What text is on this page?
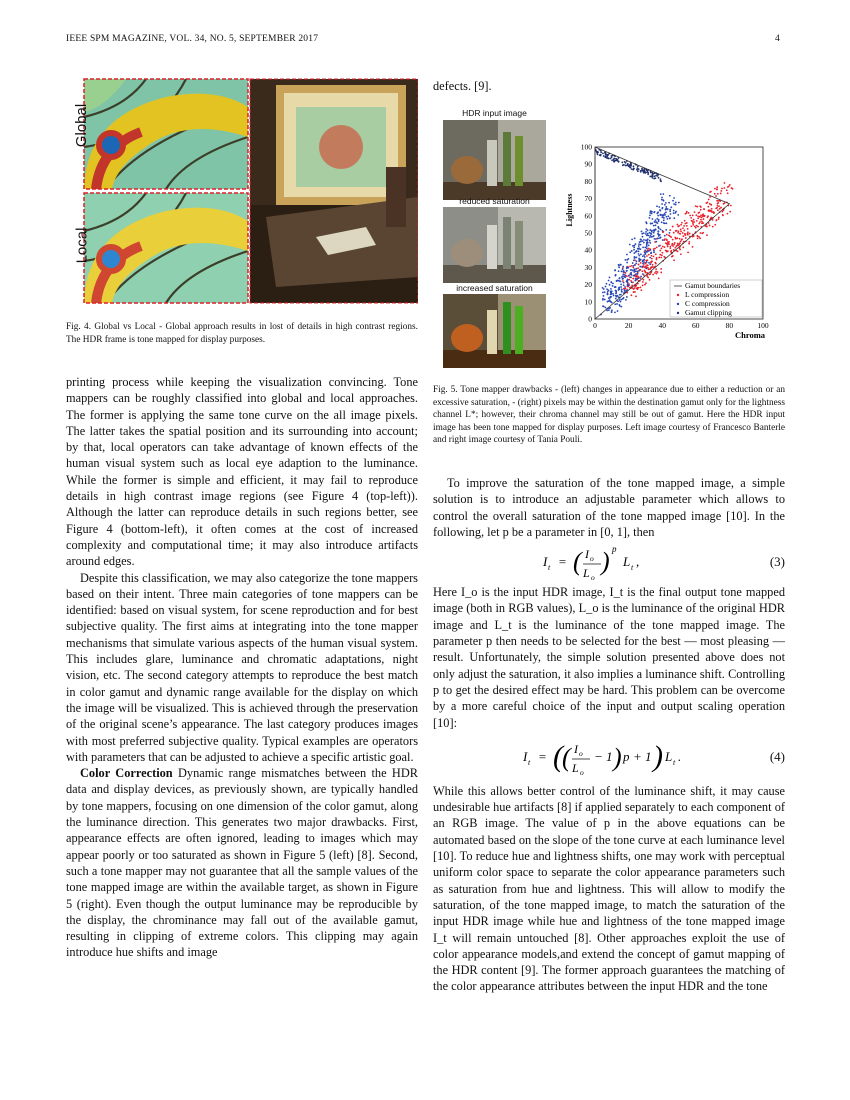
IEEE SPM MAGAZINE, VOL. 34, NO. 5, SEPTEMBER 2017	4
Global
Local

Fig. 4. Global vs Local - Global approach results in lost of details in high contrast regions. The HDR frame is tone mapped for display purposes.

printing process while keeping the visualization convincing. Tone mappers can be roughly classified into global and local approaches. The former is applying the same tone curve on the all image pixels. The latter takes the spatial position and its surrounding into account; by that, local operators can take advantage of known effects of the human visual system such as local eye adaption to the luminance. While the former is simple and efficient, it may fail to reproduce details in high contrast image regions (see Figure 4 (top-left)). Although the latter can reproduce details in such regions better, see Figure 4 (bottom-left), it often comes at the cost of increased complexity and computational time; it may also introduce artifacts around edges.

Despite this classification, we may also categorize the tone mappers based on their intent. Three main categories of tone mappers can be identified: based on visual system, for scene reproduction and for best subjective quality. The first aims at integrating into the tone mapper mechanisms that simulate various aspects of the human visual system. This includes glare, luminance and chromatic adaptations, night vision, etc. The second category attempts to reproduce the best match in color gamut and dynamic range available for the display on which the image will be visualized. This is achieved through the preservation of the original scene’s appearance. The last category produces images with most preferred subjective quality. Typical examples are operators with parameters that can be adjusted to achieve a specific artistic goal.

Color Correction Dynamic range mismatches between the HDR data and display devices, as previously shown, are typically handled by tone mappers, focusing on one dimension of the color gamut, along the luminance direction. This generates two major drawbacks. First, appearance effects are often ignored, leading to images which may appear poorly or too saturated as shown in Figure 5 (left) [8]. Second, such a tone mapper may not guarantee that all the sample values of the tone mapped image are within the available target, as shown in Figure 5 (right). Even though the output luminance may be reproducible by the display, the chrominance may fall out of the available gamut, resulting in clipping of extreme colors. This clipping may again introduce hue shifts and image

defects. [9].

HDR input image
reduced saturation
increased saturation
0
10
20
30
40
50
60
70
80
90
100
0	20	40	60	80	100
Lightness
Chroma
Gamut boundaries
L compression
C compression
Gamut clipping

Fig. 5. Tone mapper drawbacks - (left) changes in appearance due to either a reduction or an excessive saturation, - (right) pixels may be within the destination gamut only for the lightness channel L*; however, their chroma channel may still be out of gamut. Here the HDR input image has been tone mapped for display purposes. Left image courtesy of Francesco Banterle and right image courtesy of Tania Pouli.

To improve the saturation of the tone mapped image, a simple solution is to introduce an adjustable parameter which allows to control the overall saturation of the tone mapped image [10]. In the following, let p be a parameter in [0, 1], then

I t = ( I o
L o
) p
L t ,	(3)

Here I_o is the input HDR image, I_t is the final output tone mapped image (both in RGB values), L_o is the luminance of the original HDR image and L_t is the luminance of the tone mapped image. The parameter p then needs to be selected for the best — most pleasing — result. Unfortunately, the simple solution presented above does not only adjust the saturation, it also implies a luminance shift. Controlling p to get the desired effect may be hard. This problem can be overcome by a more careful choice of the input and output scaling operation [10]:

I t = ( ( I o
L o
− 1 ) p + 1 ) L t .	(4)

While this allows better control of the luminance shift, it may cause undesirable hue artifacts [8] if applied separately to each component of an RGB image. The value of p in the above equations can be automated based on the slope of the tone curve at each luminance level [10]. To reduce hue and lightness shifts, one may work with perceptual uniform color space to separate the color appearance parameters such as saturation from hue and lightness. This will allow to modify the saturation, of the tone mapped image, to match the saturation of the input HDR image while hue and lightness of the tone mapped image I_t will remain untouched [8]. Other approaches exploit the use of color appearance models,and extend the concept of gamut mapping of the HDR content [9]. The former approach guarantees the matching of the color appearance attributes between the input HDR and the tone
